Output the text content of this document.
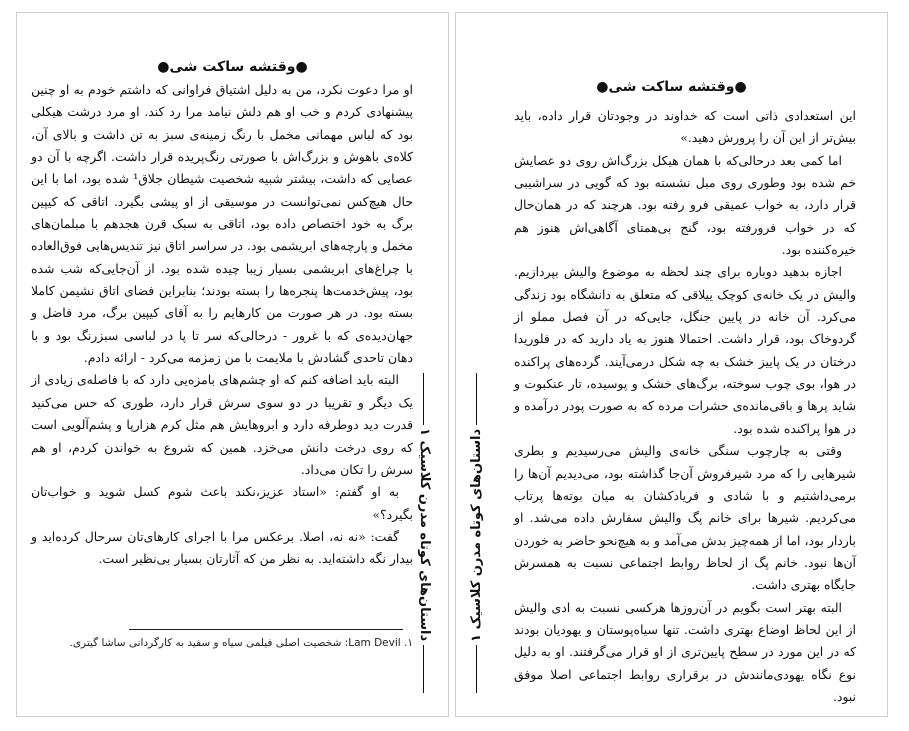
●وقتشه ساکت شی●

او مرا دعوت نکرد، من به دلیل اشتیاق فراوانی که داشتم خودم به او چنین پیشنهادی کردم و خب او هم دلش نیامد مرا رد کند. او مرد درشت هیکلی بود که لباس مهمانی مخمل با رنگ زمینه‌ی سبز به تن داشت و بالای آن، کلاه‌ی باهوش و بزرگ‌اش با صورتی رنگ‌پریده قرار داشت. اگرچه با آن دو عصایی که داشت، بیشتر شبیه شخصیت شیطان جلاق¹ شده بود، اما با این حال هیچ‌کس نمی‌توانست در موسیقی از او پیشی بگیرد. اتاقی که کیپین برگ به خود اختصاص داده بود، اتاقی به سبک قرن هجدهم با مبلمان‌های مخمل و پارچه‌های ابریشمی بود. در سراسر اتاق نیز تندیس‌هایی فوق‌العاده با چراغ‌های ابریشمی بسیار زیبا چیده شده بود. از آن‌جایی‌که شب شده بود، پیش‌خدمت‌ها پنجره‌ها را بسته بودند؛ بنابراین فضای اتاق نشیمن کاملا بسته بود. در هر صورت من کارهایم را به آقای کیپین برگ، مرد فاضل و جهان‌دیده‌ی که با غرور - درحالی‌که سر تا پا در لباسی سبزرنگ بود و با دهان تاحدی گشادش با ملایمت با من زمزمه می‌کرد - ارائه دادم.

البته باید اضافه کنم که او چشم‌های بامزه‌یی دارد که با فاصله‌ی زیادی از یک دیگر و تقریبا در دو سوی سرش قرار دارد، طوری که حس می‌کنید قدرت دید دوطرفه دارد و ابروهایش هم مثل کرم هزارپا و پشم‌آلویی است که روی درخت دانش می‌خزد. همین که شروع به خواندن کردم، او هم سرش را تکان می‌داد.

به او گفتم: «استاد عزیز،نکند باعث شوم کسل شوید و خواب‌تان بگیرد؟»

گفت: «نه نه، اصلا. برعکس مرا با اجرای کارهای‌تان سرحال کرده‌اید و بیدار نگه داشته‌اید. به نظر من که آثارتان بسیار بی‌نظیر است.

۱. Lam Devil: شخصیت اصلی فیلمی سیاه و سفید به کارگردانی ساشا گیتری.
داستان‌های کوتاه مدرن کلاسیک ۱
●وقتشه ساکت شی●

این استعدادی ذاتی است که خداوند در وجودتان قرار داده، باید بیش‌تر از این آن را پرورش دهید.»

اما کمی بعد درحالی‌که با همان هیکل بزرگ‌اش روی دو عصایش خم شده بود وطوری روی مبل نشسته بود که گویی در سراشیبی قرار دارد، به خواب عمیقی فرو رفته بود. هرچند که در همان‌حال که در خواب فرورفته بود، گنج بی‌همتای آگاهی‌اش هنوز هم خیره‌کننده بود.

اجازه بدهید دوباره برای چند لحظه به موضوع والیش بپردازیم. والیش در یک خانه‌ی کوچک ییلاقی که متعلق به دانشگاه بود زندگی می‌کرد. آن خانه در پایین جنگل، جایی‌که در آن فصل مملو از گردوخاک بود، قرار داشت. احتمالا هنوز به یاد دارید که در فلوریدا درختان در یک پاییز خشک به چه شکل درمی‌آیند. گرده‌های پراکنده در هوا، بوی چوب سوخته، برگ‌های خشک و پوسیده، تار عنکبوت و شاید پرها و باقی‌مانده‌ی حشرات مرده که به صورت پودر درآمده و در هوا پراکنده شده بود.

وقتی به چارچوب سنگی خانه‌ی والیش می‌رسیدیم و بطری شیرهایی را که مرد شیرفروش آن‌جا گذاشته بود، می‌دیدیم آن‌ها را برمی‌داشتیم و با شادی و فریادکشان به میان بوته‌ها پرتاب می‌کردیم. شیرها برای خانم پگ والیش سفارش داده می‌شد. او باردار بود، اما از همه‌چیز بدش می‌آمد و به هیچ‌نحو حاضر به خوردن آن‌ها نبود. خانم پگ از لحاظ روابط اجتماعی نسبت به همسرش جایگاه بهتری داشت.

البته بهتر است بگویم در آن‌روزها هرکسی نسبت به ادی والیش از این لحاظ اوضاع بهتری داشت. تنها سیاه‌پوستان و یهودیان بودند که در این مورد در سطح پایین‌تری از او قرار می‌گرفتند. او به دلیل نوع نگاه یهودی‌مانندش در برقراری روابط اجتماعی اصلا موفق نبود.

داستان‌های کوتاه مدرن کلاسیک ۱
